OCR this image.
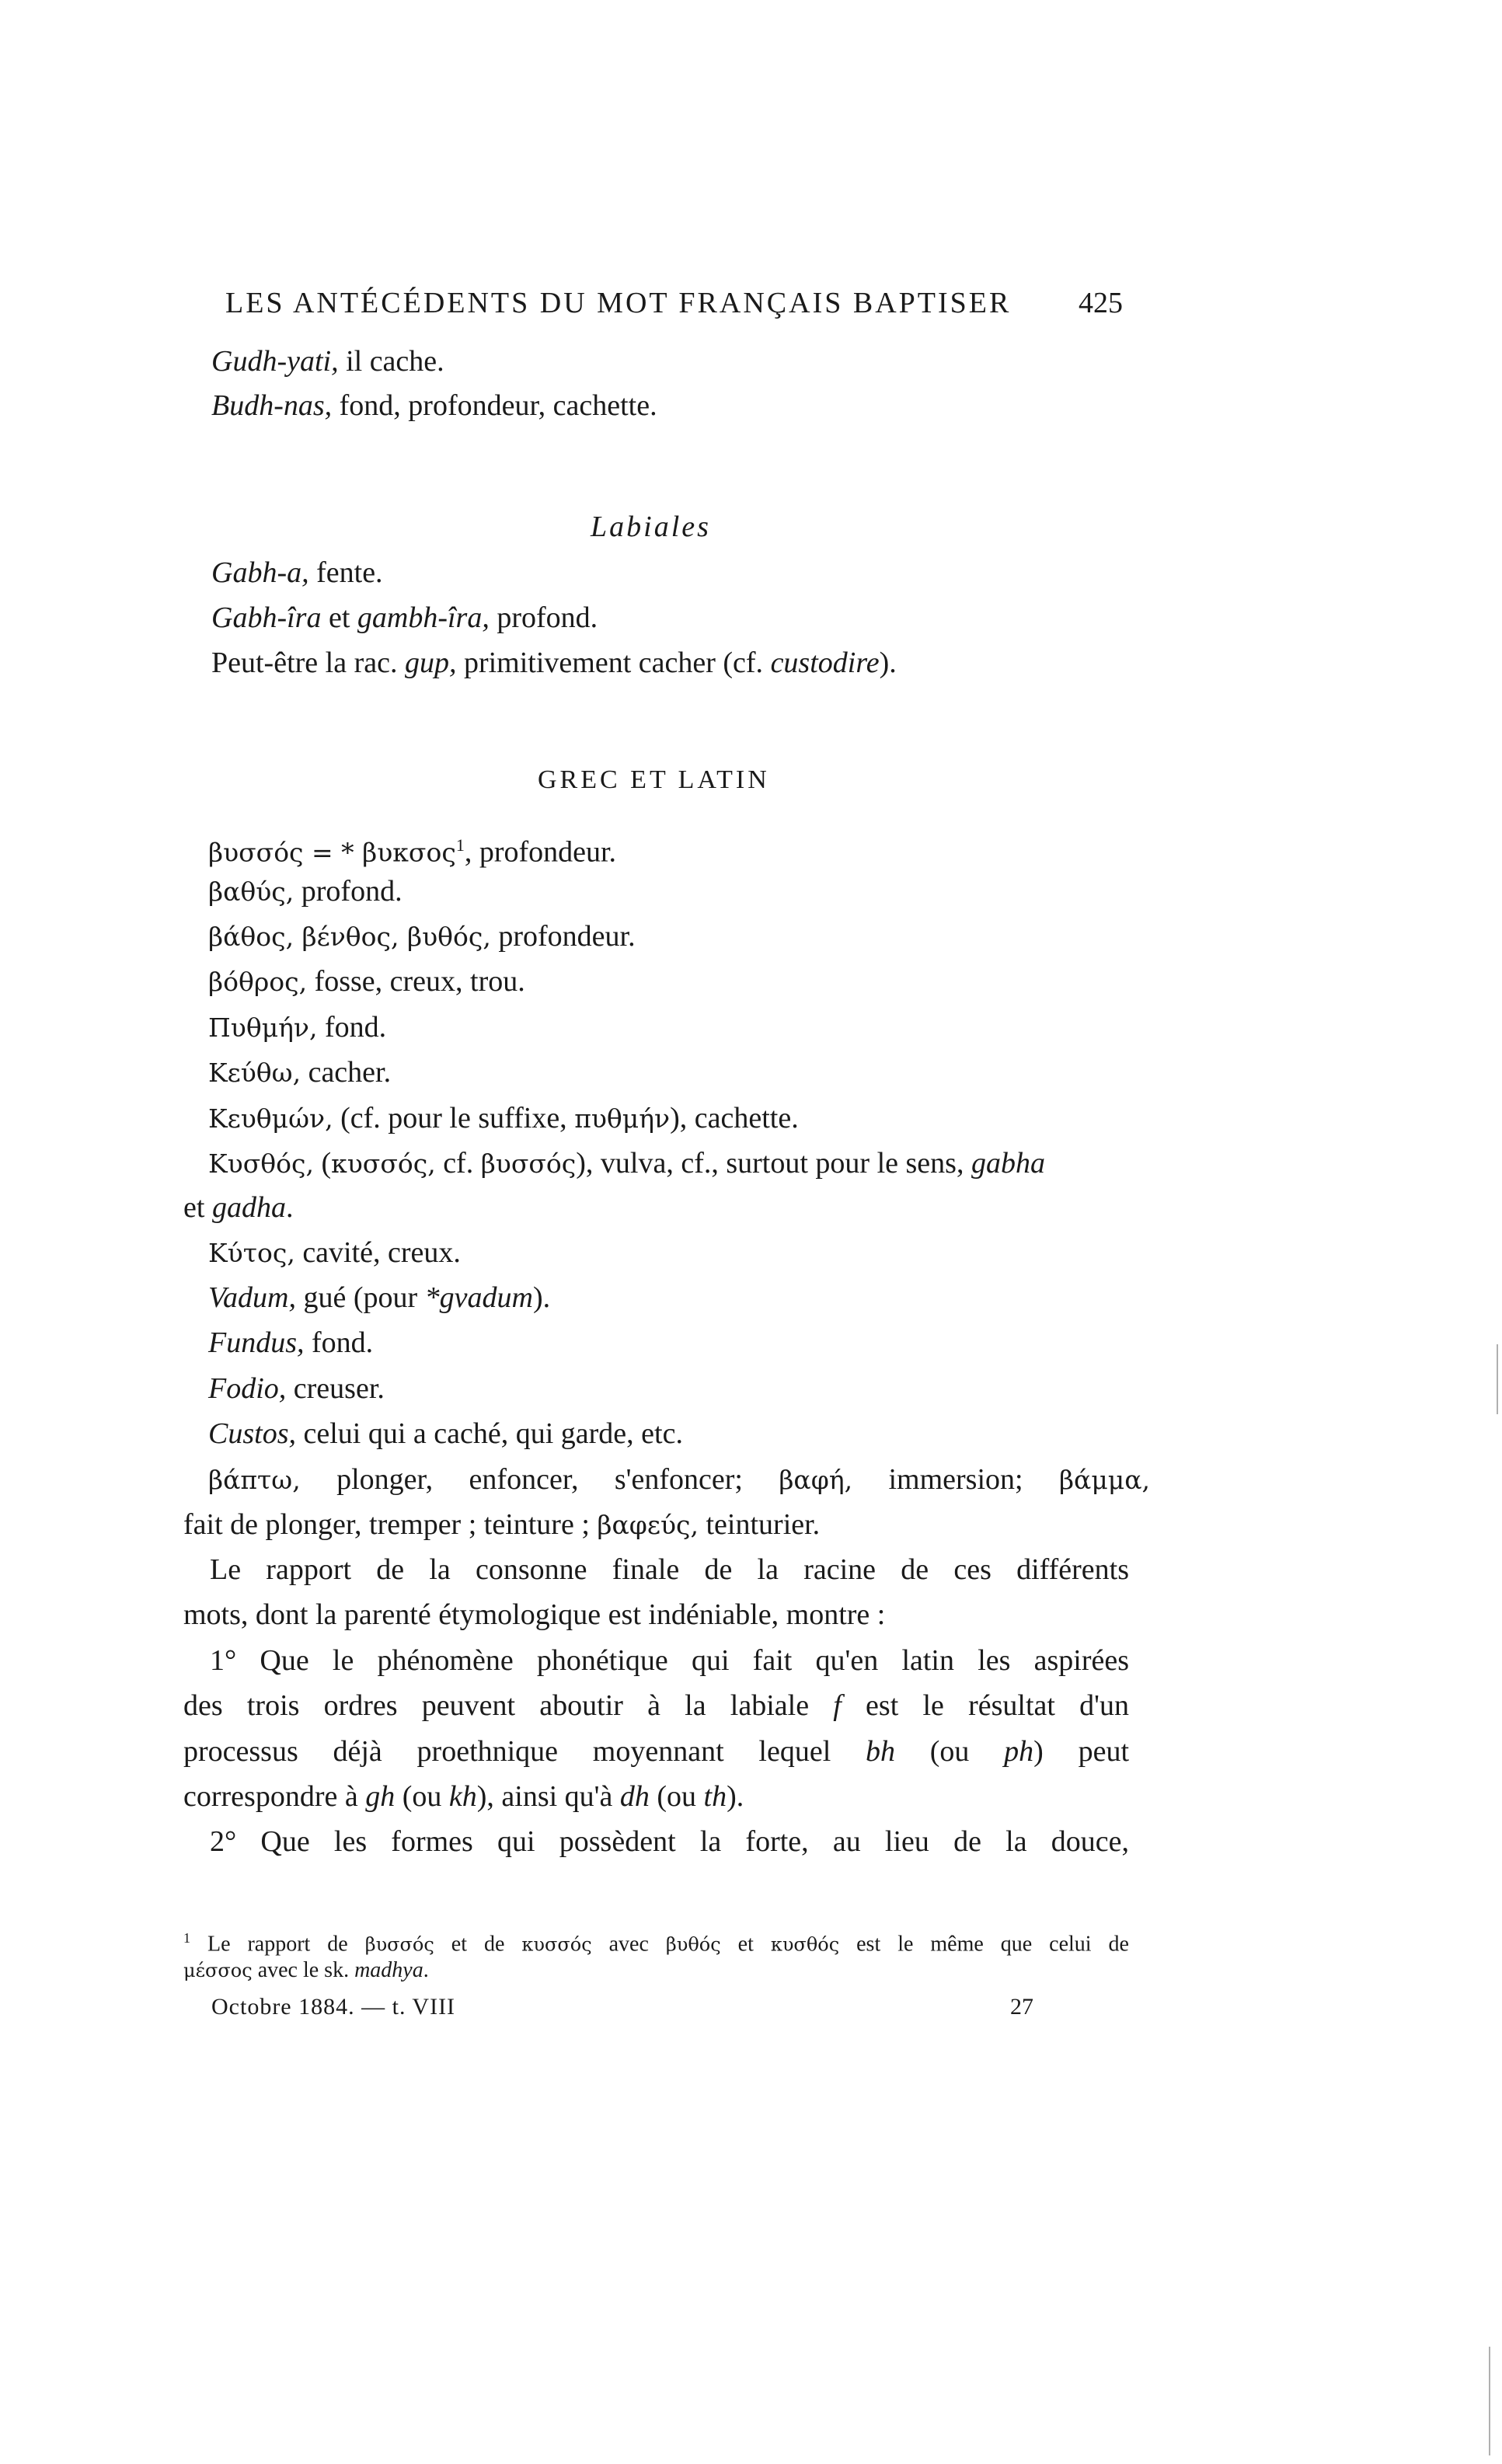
LES ANTÉCÉDENTS DU MOT FRANÇAIS BAPTISER 425
Gudh-yati, il cache.
Budh-nas, fond, profondeur, cachette.
Labiales
Gabh-a, fente.
Gabh-îra et gambh-îra, profond.
Peut-être la rac. gup, primitivement cacher (cf. custodire).
GREC ET LATIN
βυσσός = * βυκσος$^1$, profondeur.
βαθύς, profond.
βάθος, βένθος, βυθός, profondeur.
βόθρος, fosse, creux, trou.
Πυθμήν, fond.
Κεύθω, cacher.
Κευθμών, (cf. pour le suffixe, πυθμήν), cachette.
Κυσθός, (κυσσός, cf. βυσσός), vulva, cf., surtout pour le sens, gabha
et gadha.
Κύτος, cavité, creux.
Vadum, gué (pour *gvadum).
Fundus, fond.
Fodio, creuser.
Custos, celui qui a caché, qui garde, etc.
βάπτω, plonger, enfoncer, s'enfoncer; βαφή, immersion; βάμμα,
fait de plonger, tremper ; teinture ; βαφεύς, teinturier.
Le rapport de la consonne finale de la racine de ces différents
mots, dont la parenté étymologique est indéniable, montre :
1° Que le phénomène phonétique qui fait qu'en latin les aspirées
des trois ordres peuvent aboutir à la labiale f est le résultat d'un
processus déjà proethnique moyennant lequel bh (ou ph) peut
correspondre à gh (ou kh), ainsi qu'à dh (ou th).
2° Que les formes qui possèdent la forte, au lieu de la douce,
$^1$ Le rapport de βυσσός et de κυσσός avec βυθός et κυσθός est le même que celui de
μέσσος avec le sk. madhya.
Octobre 1884. — t. VIII	27
